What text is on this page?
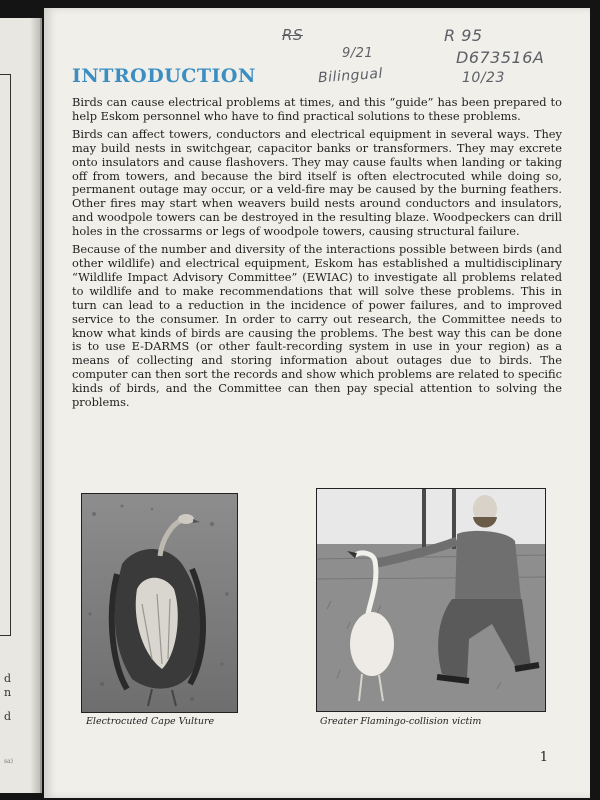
d
n
d
sa)
RS
9/21
Bilingual
R 95
D673516A
10/23
INTRODUCTION

Birds can cause electrical problems at times, and this “guide” has been prepared to help Eskom personnel who have to find practical solutions to these problems.

Birds can affect towers, conductors and electrical equipment in several ways. They may build nests in switchgear, capacitor banks or transformers. They may excrete onto insulators and cause flashovers. They may cause faults when landing or taking off from towers, and because the bird itself is often electrocuted while doing so, permanent outage may occur, or a veld-fire may be caused by the burning feathers. Other fires may start when weavers build nests around conductors and insulators, and woodpole towers can be destroyed in the resulting blaze. Woodpeckers can drill holes in the crossarms or legs of woodpole towers, causing structural failure.

Because of the number and diversity of the interactions possible between birds (and other wildlife) and electrical equipment, Eskom has established a multidisciplinary “Wildlife Impact Advisory Committee” (EWIAC) to investigate all problems related to wildlife and to make recommendations that will solve these problems. This in turn can lead to a reduction in the incidence of power failures, and to improved service to the consumer. In order to carry out research, the Committee needs to know what kinds of birds are causing the problems. The best way this can be done is to use E-DARMS (or other fault-recording system in use in your region) as a means of collecting and storing information about outages due to birds. The computer can then sort the records and show which problems are related to specific kinds of birds, and the Committee can then pay special attention to solving the problems.

Electrocuted Cape Vulture	Greater Flamingo-collision victim
1
